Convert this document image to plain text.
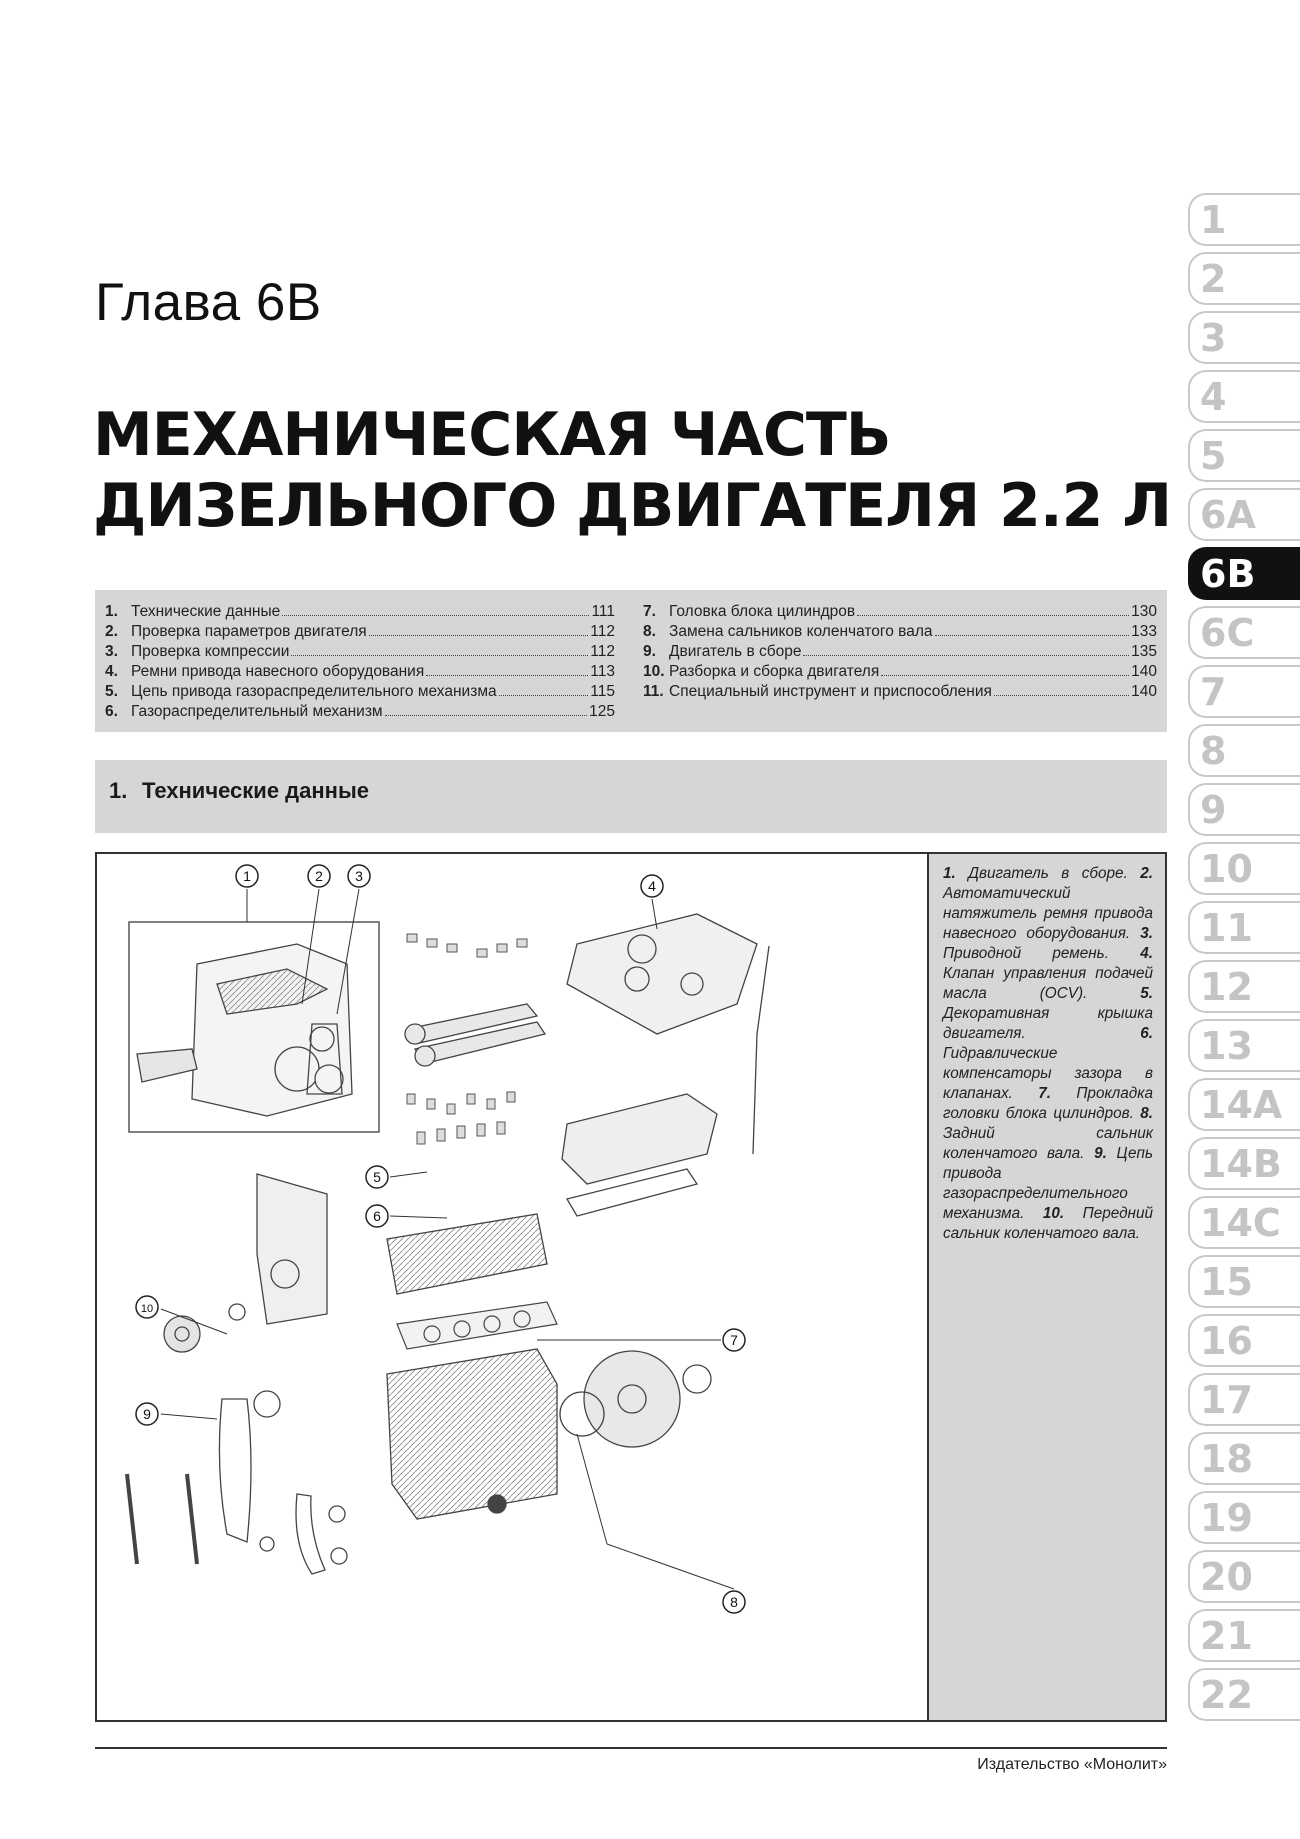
Глава 6В
МЕХАНИЧЕСКАЯ ЧАСТЬ
ДИЗЕЛЬНОГО ДВИГАТЕЛЯ 2.2 Л
1
2
3
4
5
6A
6B
6C
7
8
9
10
11
12
13
14A
14B
14C
15
16
17
18
19
20
21
22
1. Технические данные	111
2. Проверка параметров двигателя	112
3. Проверка компрессии	112
4. Ремни привода навесного оборудования	113
5. Цепь привода газораспределительного механизма	115
6. Газораспределительный механизм	125
7. Головка блока цилиндров	130
8. Замена сальников коленчатого вала	133
9. Двигатель в сборе	135
10. Разборка и сборка двигателя	140
11. Специальный инструмент и приспособления	140
1. Технические данные
1	2 3
4
5
6
7
8
9
10
1. Двигатель в сборе. 2. Автоматический натяжитель ремня привода навесного оборудования. 3. Приводной ремень. 4. Клапан управления подачей масла (OCV). 5. Декоративная крышка двигателя. 6. Гидравлические компенсаторы зазора в клапанах. 7. Прокладка головки блока цилиндров. 8. Задний сальник коленчатого вала. 9. Цепь привода газораспределительного механизма. 10. Передний сальник коленчатого вала.
Издательство «Монолит»
